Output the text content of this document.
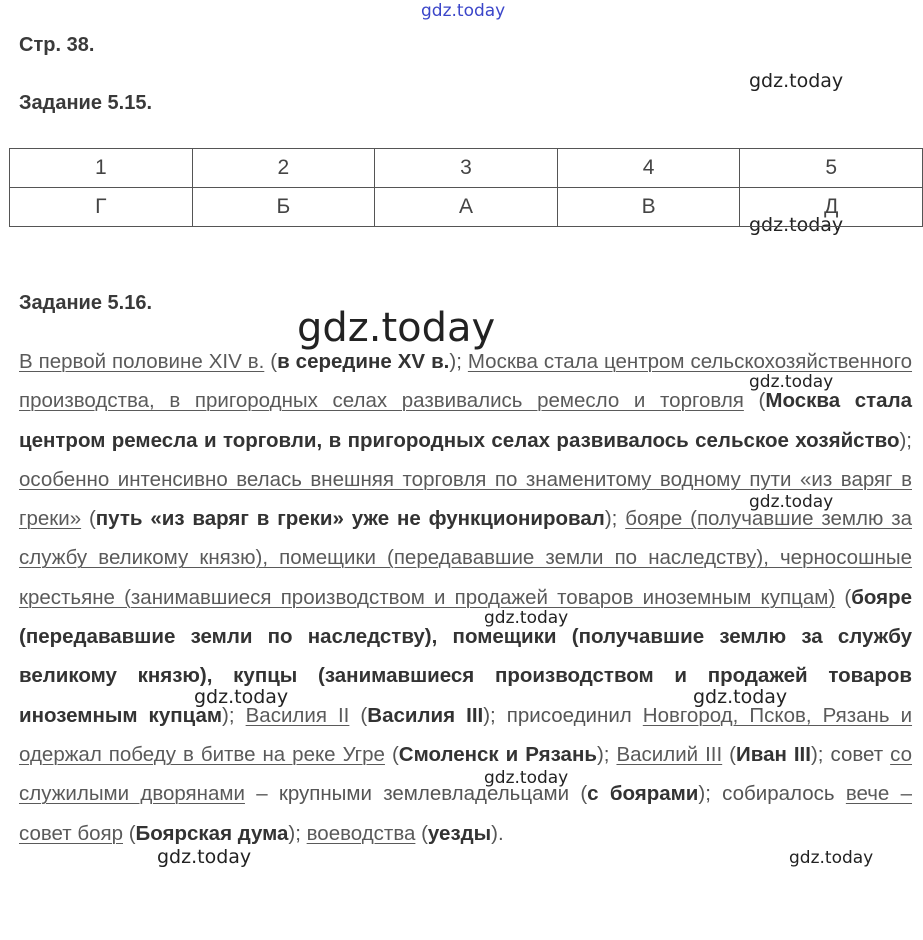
gdz.today
gdz.today
gdz.today
gdz.today
gdz.today
gdz.today
gdz.today
gdz.today	gdz.today
gdz.today
gdz.today	gdz.today
Стр. 38.
Задание 5.15.
1	2	3	4	5
Г	Б	А	В	Д
Задание 5.16.
В первой половине XIV в. (в середине XV в.); Москва стала центром сельскохозяйственного производства, в пригородных селах развивались ремесло и торговля (Москва стала центром ремесла и торговли, в пригородных селах развивалось сельское хозяйство); особенно интенсивно велась внешняя торговля по знаменитому водному пути «из варяг в греки» (путь «из варяг в греки» уже не функционировал); бояре (получавшие землю за службу великому князю), помещики (передававшие земли по наследству), черносошные крестьяне (занимавшиеся производством и продажей товаров иноземным купцам) (бояре (передававшие земли по наследству), помещики (получавшие землю за службу великому князю), купцы (занимавшиеся производством и продажей товаров иноземным купцам); Василия II (Василия III); присоединил Новгород, Псков, Рязань и одержал победу в битве на реке Угре (Смоленск и Рязань); Василий III (Иван III); совет со служилыми дворянами – крупными землевладельцами (с боярами); собиралось вече – совет бояр (Боярская дума); воеводства (уезды).
